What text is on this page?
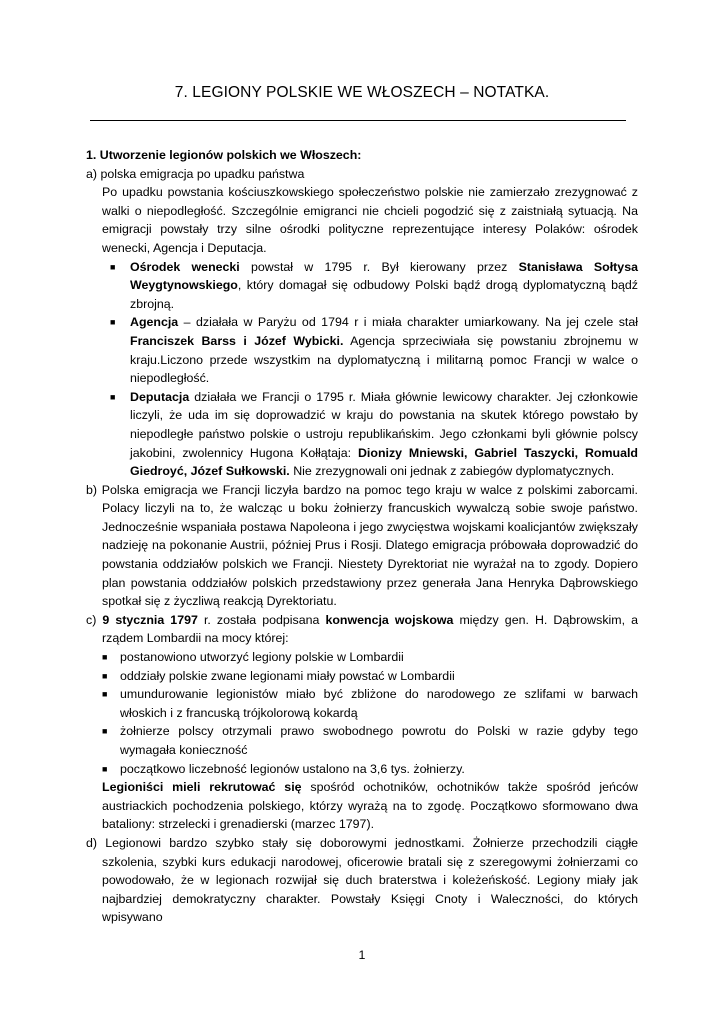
7. LEGIONY POLSKIE WE WŁOSZECH – NOTATKA.

1. Utworzenie legionów polskich we Włoszech:

a) polska emigracja po upadku państwa

Po upadku powstania kościuszkowskiego społeczeństwo polskie nie zamierzało zrezygnować z walki o niepodległość. Szczególnie emigranci nie chcieli pogodzić się z zaistniałą sytuacją. Na emigracji powstały trzy silne ośrodki polityczne reprezentujące interesy Polaków: ośrodek wenecki, Agencja i Deputacja.

■ Ośrodek wenecki powstał w 1795 r. Był kierowany przez Stanisława Sołtysa Weygtynowskiego, który domagał się odbudowy Polski bądź drogą dyplomatyczną bądź zbrojną.

■ Agencja – działała w Paryżu od 1794 r i miała charakter umiarkowany. Na jej czele stał Franciszek Barss i Józef Wybicki. Agencja sprzeciwiała się powstaniu zbrojnemu w kraju.Liczono przede wszystkim na dyplomatyczną i militarną pomoc Francji w walce o niepodległość.

■ Deputacja działała we Francji o 1795 r. Miała głównie lewicowy charakter. Jej członkowie liczyli, że uda im się doprowadzić w kraju do powstania na skutek którego powstało by niepodległe państwo polskie o ustroju republikańskim. Jego członkami byli głównie polscy jakobini, zwolennicy Hugona Kołłątaja: Dionizy Mniewski, Gabriel Taszycki, Romuald Giedroyć, Józef Sułkowski. Nie zrezygnowali oni jednak z zabiegów dyplomatycznych.

b) Polska emigracja we Francji liczyła bardzo na pomoc tego kraju w walce z polskimi zaborcami. Polacy liczyli na to, że walcząc u boku żołnierzy francuskich wywalczą sobie swoje państwo. Jednocześnie wspaniała postawa Napoleona i jego zwycięstwa wojskami koalicjantów zwiększały nadzieję na pokonanie Austrii, później Prus i Rosji. Dlatego emigracja próbowała doprowadzić do powstania oddziałów polskich we Francji. Niestety Dyrektoriat nie wyrażał na to zgody. Dopiero plan powstania oddziałów polskich przedstawiony przez generała Jana Henryka Dąbrowskiego spotkał się z życzliwą reakcją Dyrektoriatu.

c) 9 stycznia 1797 r. została podpisana konwencja wojskowa między gen. H. Dąbrowskim, a rządem Lombardii na mocy której:

■ postanowiono utworzyć legiony polskie w Lombardii

■ oddziały polskie zwane legionami miały powstać w Lombardii

■ umundurowanie legionistów miało być zbliżone do narodowego ze szlifami w barwach włoskich i z francuską trójkolorową kokardą

■ żołnierze polscy otrzymali prawo swobodnego powrotu do Polski w razie gdyby tego wymagała konieczność

■ początkowo liczebność legionów ustalono na 3,6 tys. żołnierzy.

Legioniści mieli rekrutować się spośród ochotników, ochotników także spośród jeńców austriackich pochodzenia polskiego, którzy wyrażą na to zgodę. Początkowo sformowano dwa bataliony: strzelecki i grenadierski (marzec 1797).

d) Legionowi bardzo szybko stały się doborowymi jednostkami. Żołnierze przechodzili ciągłe szkolenia, szybki kurs edukacji narodowej, oficerowie bratali się z szeregowymi żołnierzami co powodowało, że w legionach rozwijał się duch braterstwa i koleżeńskość. Legiony miały jak najbardziej demokratyczny charakter. Powstały Księgi Cnoty i Waleczności, do których wpisywano

1
